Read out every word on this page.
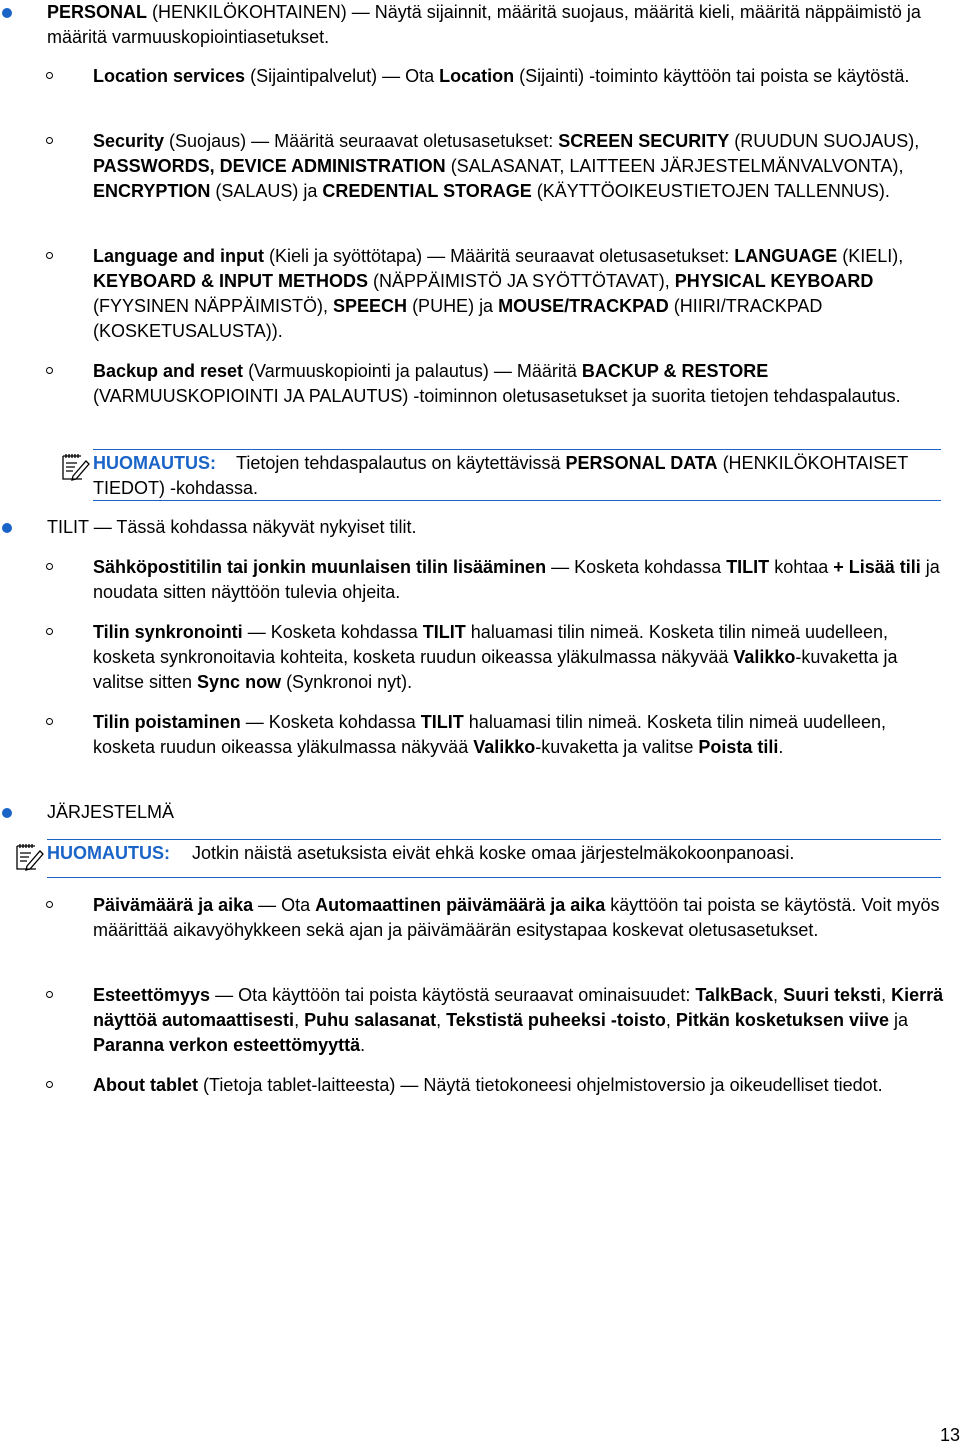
PERSONAL (HENKILÖKOHTAINEN) — Näytä sijainnit, määritä suojaus, määritä kieli, määritä näppäimistö ja määritä varmuuskopiointiasetukset.

Location services (Sijaintipalvelut) — Ota Location (Sijainti) -toiminto käyttöön tai poista se käytöstä.

Security (Suojaus) — Määritä seuraavat oletusasetukset: SCREEN SECURITY (RUUDUN SUOJAUS), PASSWORDS, DEVICE ADMINISTRATION (SALASANAT, LAITTEEN JÄRJESTELMÄNVALVONTA), ENCRYPTION (SALAUS) ja CREDENTIAL STORAGE (KÄYTTÖOIKEUSTIETOJEN TALLENNUS).

Language and input (Kieli ja syöttötapa) — Määritä seuraavat oletusasetukset: LANGUAGE (KIELI), KEYBOARD & INPUT METHODS (NÄPPÄIMISTÖ JA SYÖTTÖTAVAT), PHYSICAL KEYBOARD (FYYSINEN NÄPPÄIMISTÖ), SPEECH (PUHE) ja MOUSE/TRACKPAD (HIIRI/TRACKPAD (KOSKETUSALUSTA)).

Backup and reset (Varmuuskopiointi ja palautus) — Määritä BACKUP & RESTORE (VARMUUSKOPIOINTI JA PALAUTUS) -toiminnon oletusasetukset ja suorita tietojen tehdaspalautus.

HUOMAUTUS: Tietojen tehdaspalautus on käytettävissä PERSONAL DATA (HENKILÖKOHTAISET TIEDOT) -kohdassa.

TILIT — Tässä kohdassa näkyvät nykyiset tilit.

Sähköpostitilin tai jonkin muunlaisen tilin lisääminen — Kosketa kohdassa TILIT kohtaa + Lisää tili ja noudata sitten näyttöön tulevia ohjeita.

Tilin synkronointi — Kosketa kohdassa TILIT haluamasi tilin nimeä. Kosketa tilin nimeä uudelleen, kosketa synkronoitavia kohteita, kosketa ruudun oikeassa yläkulmassa näkyvää Valikko-kuvaketta ja valitse sitten Sync now (Synkronoi nyt).

Tilin poistaminen — Kosketa kohdassa TILIT haluamasi tilin nimeä. Kosketa tilin nimeä uudelleen, kosketa ruudun oikeassa yläkulmassa näkyvää Valikko-kuvaketta ja valitse Poista tili.

JÄRJESTELMÄ

HUOMAUTUS: Jotkin näistä asetuksista eivät ehkä koske omaa järjestelmäkokoonpanoasi.

Päivämäärä ja aika — Ota Automaattinen päivämäärä ja aika käyttöön tai poista se käytöstä. Voit myös määrittää aikavyöhykkeen sekä ajan ja päivämäärän esitystapaa koskevat oletusasetukset.

Esteettömyys — Ota käyttöön tai poista käytöstä seuraavat ominaisuudet: TalkBack, Suuri teksti, Kierrä näyttöä automaattisesti, Puhu salasanat, Tekstistä puheeksi -toisto, Pitkän kosketuksen viive ja Paranna verkon esteettömyyttä.

About tablet (Tietoja tablet-laitteesta) — Näytä tietokoneesi ohjelmistoversio ja oikeudelliset tiedot.

13
